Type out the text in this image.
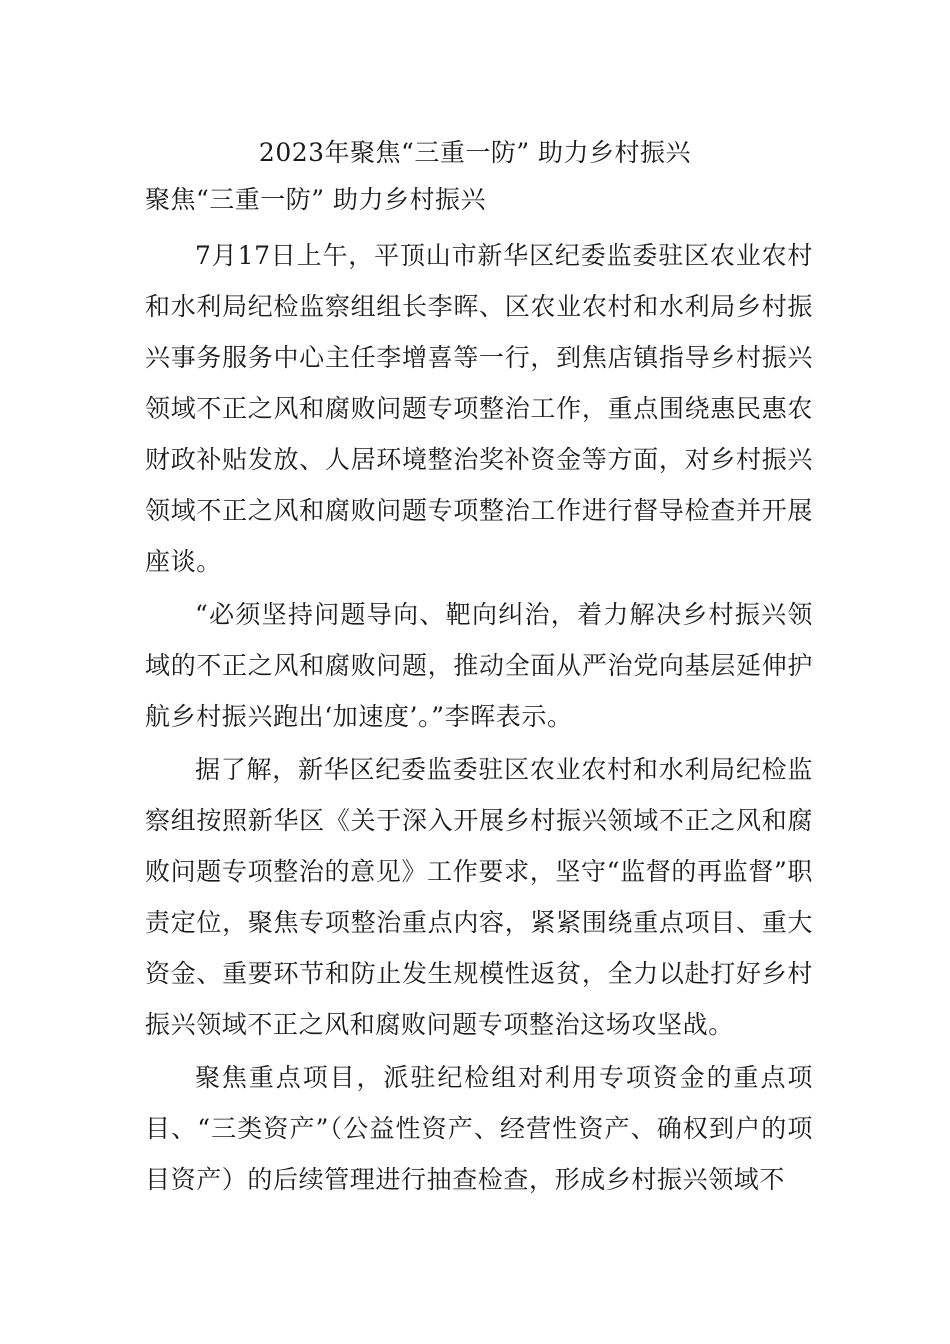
2023年聚焦“三重一防” 助力乡村振兴
聚焦“三重一防” 助力乡村振兴

7月17日上午，平顶山市新华区纪委监委驻区农业农村和水利局纪检监察组组长李晖、区农业农村和水利局乡村振兴事务服务中心主任李增喜等一行，到焦店镇指导乡村振兴领域不正之风和腐败问题专项整治工作，重点围绕惠民惠农财政补贴发放、人居环境整治奖补资金等方面，对乡村振兴领域不正之风和腐败问题专项整治工作进行督导检查并开展座谈。

“必须坚持问题导向、靶向纠治，着力解决乡村振兴领域的不正之风和腐败问题，推动全面从严治党向基层延伸护航乡村振兴跑出‘加速度’。”李晖表示。

据了解，新华区纪委监委驻区农业农村和水利局纪检监察组按照新华区《关于深入开展乡村振兴领域不正之风和腐败问题专项整治的意见》工作要求，坚守“监督的再监督”职责定位，聚焦专项整治重点内容，紧紧围绕重点项目、重大资金、重要环节和防止发生规模性返贫，全力以赴打好乡村振兴领域不正之风和腐败问题专项整治这场攻坚战。

聚焦重点项目，派驻纪检组对利用专项资金的重点项目、“三类资产”（公益性资产、经营性资产、确权到户的项目资产）的后续管理进行抽查检查，形成乡村振兴领域不
